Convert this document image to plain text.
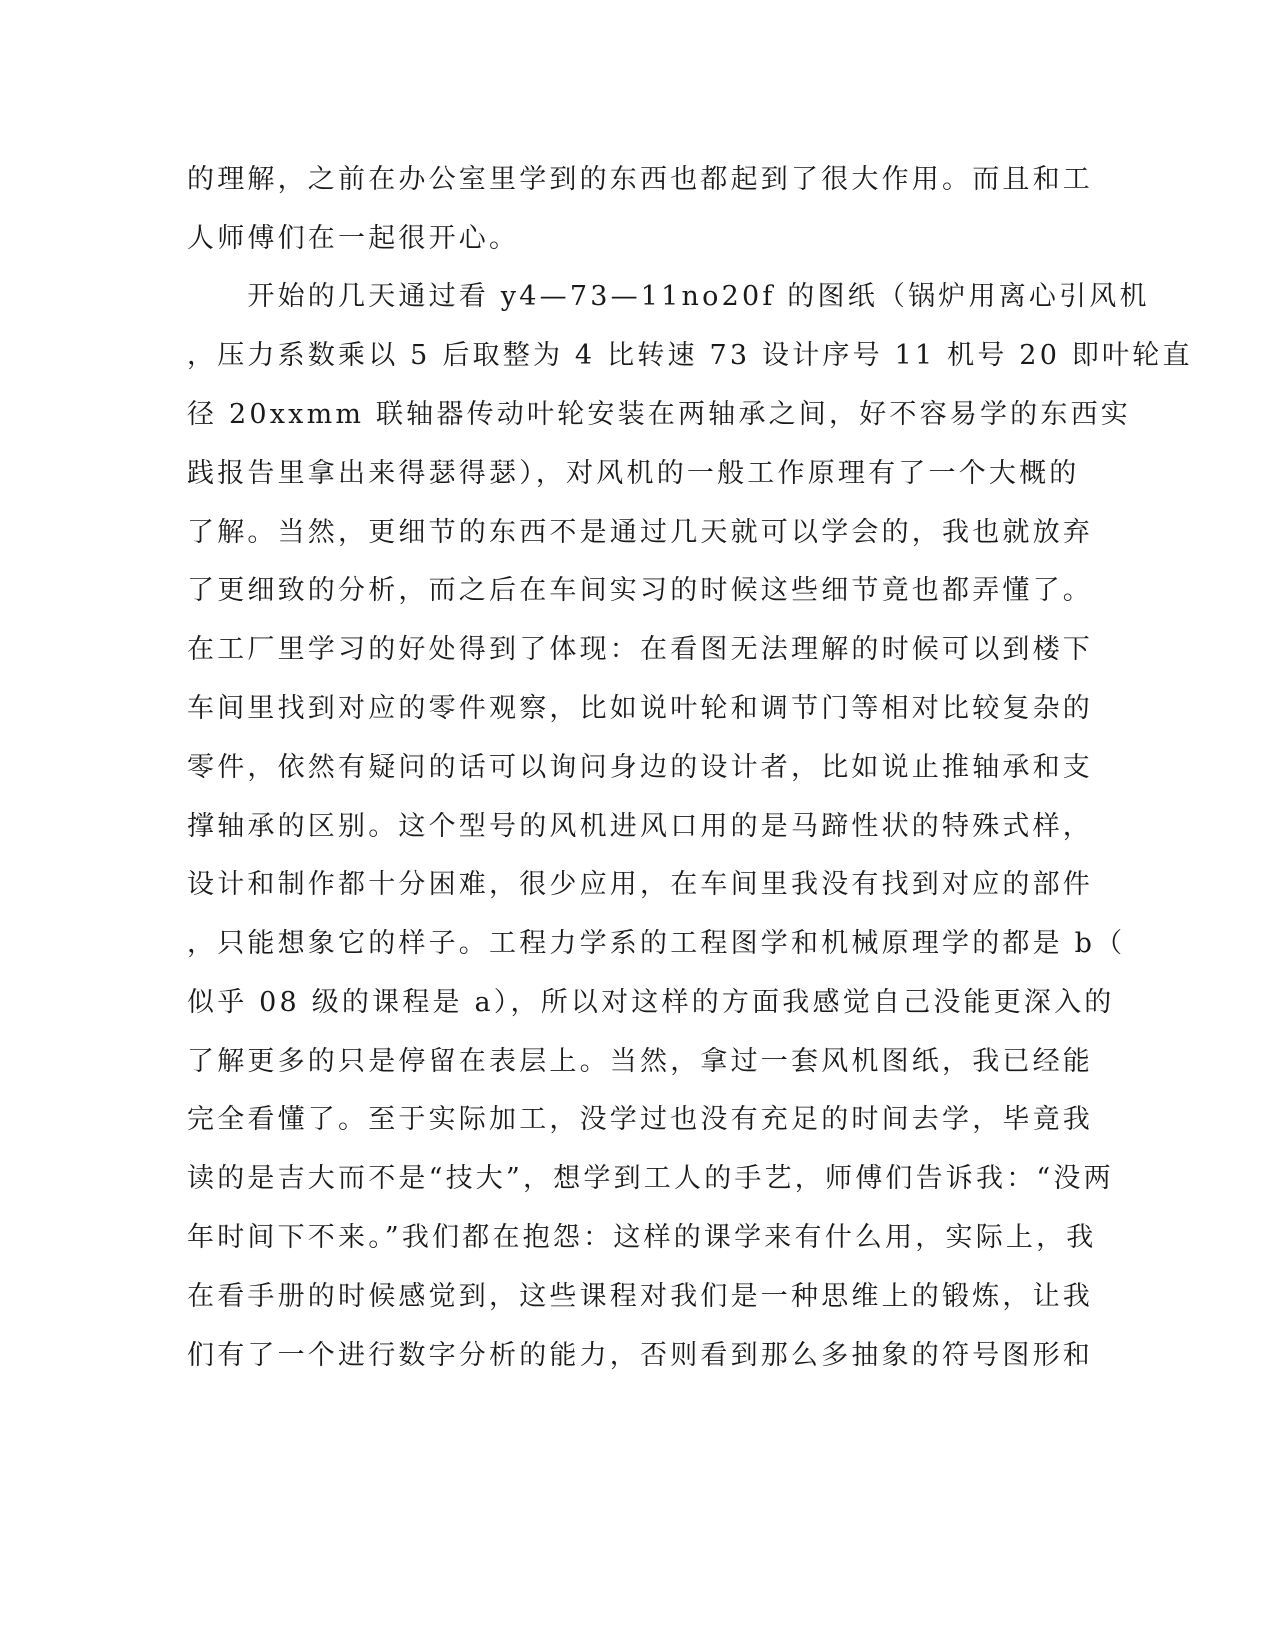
的理解，之前在办公室里学到的东西也都起到了很大作用。而且和工
人师傅们在一起很开心。
　　开始的几天通过看 y4—73—11no20f 的图纸（锅炉用离心引风机
，压力系数乘以 5 后取整为 4 比转速 73 设计序号 11 机号 20 即叶轮直
径 20xxmm 联轴器传动叶轮安装在两轴承之间，好不容易学的东西实
践报告里拿出来得瑟得瑟），对风机的一般工作原理有了一个大概的
了解。当然，更细节的东西不是通过几天就可以学会的，我也就放弃
了更细致的分析，而之后在车间实习的时候这些细节竟也都弄懂了。
在工厂里学习的好处得到了体现：在看图无法理解的时候可以到楼下
车间里找到对应的零件观察，比如说叶轮和调节门等相对比较复杂的
零件，依然有疑问的话可以询问身边的设计者，比如说止推轴承和支
撑轴承的区别。这个型号的风机进风口用的是马蹄性状的特殊式样，
设计和制作都十分困难，很少应用，在车间里我没有找到对应的部件
，只能想象它的样子。工程力学系的工程图学和机械原理学的都是 b（
似乎 08 级的课程是 a），所以对这样的方面我感觉自己没能更深入的
了解更多的只是停留在表层上。当然，拿过一套风机图纸，我已经能
完全看懂了。至于实际加工，没学过也没有充足的时间去学，毕竟我
读的是吉大而不是“技大”，想学到工人的手艺，师傅们告诉我：“没两
年时间下不来。”我们都在抱怨：这样的课学来有什么用，实际上，我
在看手册的时候感觉到，这些课程对我们是一种思维上的锻炼，让我
们有了一个进行数字分析的能力，否则看到那么多抽象的符号图形和
